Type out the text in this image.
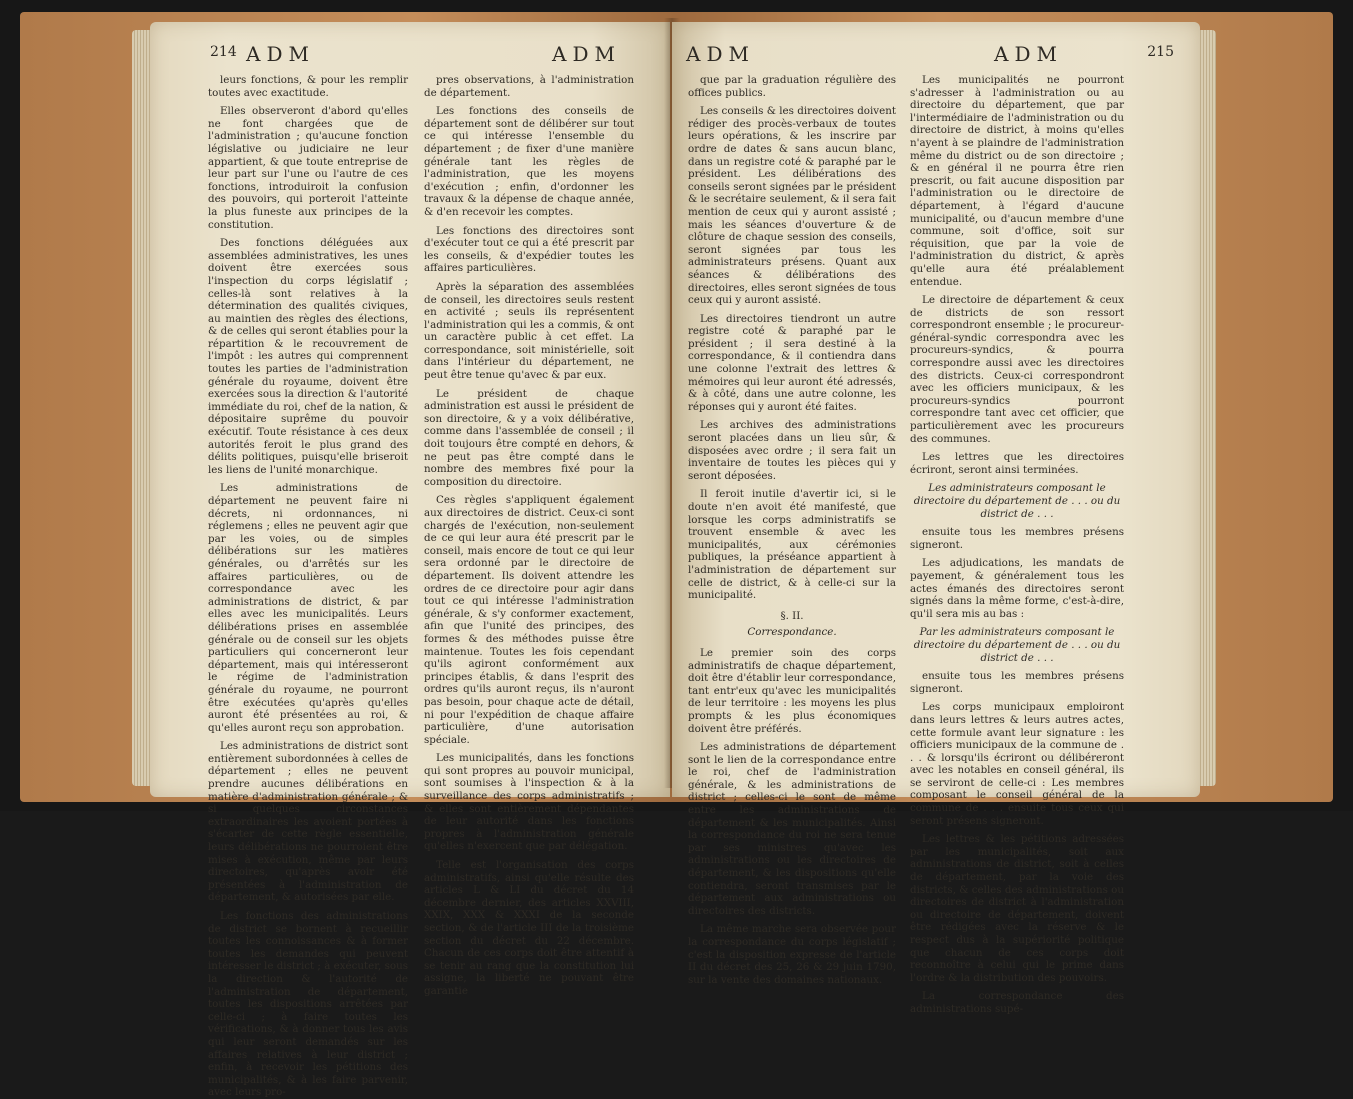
214 ADM	ADM

leurs fonctions, & pour les remplir toutes avec exactitude.

Elles observeront d'abord qu'elles ne font chargées que de l'administration ; qu'aucune fonction législative ou judiciaire ne leur appartient, & que toute entreprise de leur part sur l'une ou l'autre de ces fonctions, introduiroit la confusion des pouvoirs, qui porteroit l'atteinte la plus funeste aux principes de la constitution.

Des fonctions déléguées aux assemblées administratives, les unes doivent être exercées sous l'inspection du corps législatif ; celles-là sont relatives à la détermination des qualités civiques, au maintien des règles des élections, & de celles qui seront établies pour la répartition & le recouvrement de l'impôt : les autres qui comprennent toutes les parties de l'administration générale du royaume, doivent être exercées sous la direction & l'autorité immédiate du roi, chef de la nation, & dépositaire suprême du pouvoir exécutif. Toute résistance à ces deux autorités feroit le plus grand des délits politiques, puisqu'elle briseroit les liens de l'unité monarchique.

Les administrations de département ne peuvent faire ni décrets, ni ordonnances, ni réglemens ; elles ne peuvent agir que par les voies, ou de simples délibérations sur les matières générales, ou d'arrêtés sur les affaires particulières, ou de correspondance avec les administrations de district, & par elles avec les municipalités. Leurs délibérations prises en assemblée générale ou de conseil sur les objets particuliers qui concerneront leur département, mais qui intéresseront le régime de l'administration générale du royaume, ne pourront être exécutées qu'après qu'elles auront été présentées au roi, & qu'elles auront reçu son approbation.

Les administrations de district sont entièrement subordonnées à celles de département ; elles ne peuvent prendre aucunes délibérations en matière d'administration générale ; & si quelques circonstances extraordinaires les avoient portées à s'écarter de cette règle essentielle, leurs délibérations ne pourroient être mises à exécution, même par leurs directoires, qu'après avoir été présentées à l'administration de département, & autorisées par elle.

Les fonctions des administrations de district se bornent à recueillir toutes les connoissances & à former toutes les demandes qui peuvent intéresser le district ; à exécuter, sous la direction & l'autorité de l'administration de département, toutes les dispositions arrêtées par celle-ci ; à faire toutes les vérifications, & à donner tous les avis qui leur seront demandés sur les affaires relatives à leur district ; enfin, à recevoir les pétitions des municipalités, & à les faire parvenir, avec leurs pro-

pres observations, à l'administration de département.

Les fonctions des conseils de département sont de délibérer sur tout ce qui intéresse l'ensemble du département ; de fixer d'une manière générale tant les règles de l'administration, que les moyens d'exécution ; enfin, d'ordonner les travaux & la dépense de chaque année, & d'en recevoir les comptes.

Les fonctions des directoires sont d'exécuter tout ce qui a été prescrit par les conseils, & d'expédier toutes les affaires particulières.

Après la séparation des assemblées de conseil, les directoires seuls restent en activité ; seuls ils représentent l'administration qui les a commis, & ont un caractère public à cet effet. La correspondance, soit ministérielle, soit dans l'intérieur du département, ne peut être tenue qu'avec & par eux.

Le président de chaque administration est aussi le président de son directoire, & y a voix délibérative, comme dans l'assemblée de conseil ; il doit toujours être compté en dehors, & ne peut pas être compté dans le nombre des membres fixé pour la composition du directoire.

Ces règles s'appliquent également aux directoires de district. Ceux-ci sont chargés de l'exécution, non-seulement de ce qui leur aura été prescrit par le conseil, mais encore de tout ce qui leur sera ordonné par le directoire de département. Ils doivent attendre les ordres de ce directoire pour agir dans tout ce qui intéresse l'administration générale, & s'y conformer exactement, afin que l'unité des principes, des formes & des méthodes puisse être maintenue. Toutes les fois cependant qu'ils agiront conformément aux principes établis, & dans l'esprit des ordres qu'ils auront reçus, ils n'auront pas besoin, pour chaque acte de détail, ni pour l'expédition de chaque affaire particulière, d'une autorisation spéciale.

Les municipalités, dans les fonctions qui sont propres au pouvoir municipal, sont soumises à l'inspection & à la surveillance des corps administratifs ; & elles sont entièrement dépendantes de leur autorité dans les fonctions propres à l'administration générale qu'elles n'exercent que par délégation.

Telle est l'organisation des corps administratifs, ainsi qu'elle résulte des articles L & LI du décret du 14 décembre dernier, des articles XXVIII, XXIX, XXX & XXXI de la seconde section, & de l'article III de la troisième section du décret du 22 décembre. Chacun de ces corps doit être attentif à se tenir au rang que la constitution lui assigne, la liberté ne pouvant être garantie

ADM	ADM	215

que par la graduation régulière des offices publics.

Les conseils & les directoires doivent rédiger des procès-verbaux de toutes leurs opérations, & les inscrire par ordre de dates & sans aucun blanc, dans un registre coté & paraphé par le président. Les délibérations des conseils seront signées par le président & le secrétaire seulement, & il sera fait mention de ceux qui y auront assisté ; mais les séances d'ouverture & de clôture de chaque session des conseils, seront signées par tous les administrateurs présens. Quant aux séances & délibérations des directoires, elles seront signées de tous ceux qui y auront assisté.

Les directoires tiendront un autre registre coté & paraphé par le président ; il sera destiné à la correspondance, & il contiendra dans une colonne l'extrait des lettres & mémoires qui leur auront été adressés, & à côté, dans une autre colonne, les réponses qui y auront été faites.

Les archives des administrations seront placées dans un lieu sûr, & disposées avec ordre ; il sera fait un inventaire de toutes les pièces qui y seront déposées.

Il feroit inutile d'avertir ici, si le doute n'en avoit été manifesté, que lorsque les corps administratifs se trouvent ensemble & avec les municipalités, aux cérémonies publiques, la préséance appartient à l'administration de département sur celle de district, & à celle-ci sur la municipalité.

§. II.

Correspondance.

Le premier soin des corps administratifs de chaque département, doit être d'établir leur correspondance, tant entr'eux qu'avec les municipalités de leur territoire : les moyens les plus prompts & les plus économiques doivent être préférés.

Les administrations de département sont le lien de la correspondance entre le roi, chef de l'administration générale, & les administrations de district ; celles-ci le sont de même entre les administrations de département & les municipalités. Ainsi la correspondance du roi ne sera tenue par ses ministres qu'avec les administrations ou les directoires de département, & les dispositions qu'elle contiendra, seront transmises par le département aux administrations ou directoires des districts.

La même marche sera observée pour la correspondance du corps législatif ; c'est la disposition expresse de l'article II du décret des 25, 26 & 29 juin 1790, sur la vente des domaines nationaux.

Les municipalités ne pourront s'adresser à l'administration ou au directoire du département, que par l'intermédiaire de l'administration ou du directoire de district, à moins qu'elles n'ayent à se plaindre de l'administration même du district ou de son directoire ; & en général il ne pourra être rien prescrit, ou fait aucune disposition par l'administration ou le directoire de département, à l'égard d'aucune municipalité, ou d'aucun membre d'une commune, soit d'office, soit sur réquisition, que par la voie de l'administration du district, & après qu'elle aura été préalablement entendue.

Le directoire de département & ceux de districts de son ressort correspondront ensemble ; le procureur-général-syndic correspondra avec les procureurs-syndics, & pourra correspondre aussi avec les directoires des districts. Ceux-ci correspondront avec les officiers municipaux, & les procureurs-syndics pourront correspondre tant avec cet officier, que particulièrement avec les procureurs des communes.

Les lettres que les directoires écriront, seront ainsi terminées.

Les administrateurs composant le directoire du département de . . . ou du district de . . .

ensuite tous les membres présens signeront.

Les adjudications, les mandats de payement, & généralement tous les actes émanés des directoires seront signés dans la même forme, c'est-à-dire, qu'il sera mis au bas :

Par les administrateurs composant le directoire du département de . . . ou du district de . . .

ensuite tous les membres présens signeront.

Les corps municipaux emploiront dans leurs lettres & leurs autres actes, cette formule avant leur signature : les officiers municipaux de la commune de . . . & lorsqu'ils écriront ou délibéreront avec les notables en conseil général, ils se serviront de celle-ci : Les membres composant le conseil général de la commune de . . . ensuite tous ceux qui seront présens signeront.

Les lettres & les pétitions adressées par les municipalités, soit aux administrations de district, soit à celles de département, par la voie des districts, & celles des administrations ou directoires de district à l'administration ou directoire de département, doivent être rédigées avec la réserve & le respect dus à la supériorité politique que chacun de ces corps doit reconnoître à celui qui le prime dans l'ordre & la distribution des pouvoirs.

La correspondance des administrations supé-
